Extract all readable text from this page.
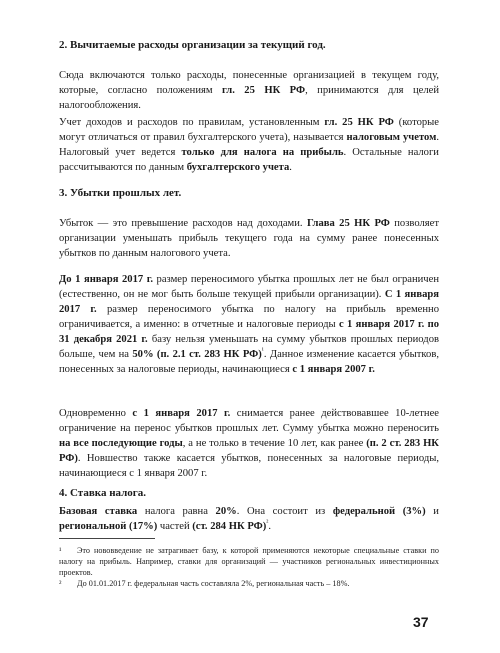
2. Вычитаемые расходы организации за текущий год.

Сюда включаются только расходы, понесенные организацией в текущем году, которые, согласно положениям гл. 25 НК РФ, принимаются для целей налогообложения.

Учет доходов и расходов по правилам, установленным гл. 25 НК РФ (которые могут отличаться от правил бухгалтерского учета), называется налоговым учетом. Налоговый учет ведется только для налога на прибыль. Остальные налоги рассчитываются по данным бухгалтерского учета.

3. Убытки прошлых лет.

Убыток — это превышение расходов над доходами. Глава 25 НК РФ позволяет организации уменьшать прибыль текущего года на сумму ранее понесенных убытков по данным налогового учета.

До 1 января 2017 г. размер переносимого убытка прошлых лет не был ограничен (естественно, он не мог быть больше текущей прибыли организации). С 1 января 2017 г. размер переносимого убытка по налогу на прибыль временно ограничивается, а именно: в отчетные и налоговые периоды с 1 января 2017 г. по 31 декабря 2021 г. базу нельзя уменьшать на сумму убытков прошлых периодов больше, чем на 50% (п. 2.1 ст. 283 НК РФ)$^{^1}$. Данное изменение касается убытков, понесенных за налоговые периоды, начинающиеся с 1 января 2007 г.

Одновременно с 1 января 2017 г. снимается ранее действовавшее 10-летнее ограничение на перенос убытков прошлых лет. Сумму убытка можно переносить на все последующие годы, а не только в течение 10 лет, как ранее (п. 2 ст. 283 НК РФ). Новшество также касается убытков, понесенных за налоговые периоды, начинающиеся с 1 января 2007 г.

4. Ставка налога.

Базовая ставка налога равна 20%. Она состоит из федеральной (3%) и региональной (17%) частей (ст. 284 НК РФ)$^{^2}$.

¹ Это нововведение не затрагивает базу, к которой применяются некоторые специальные ставки по налогу на прибыль. Например, ставки для организаций — участников региональных инвестиционных проектов.

² До 01.01.2017 г. федеральная часть составляла 2%, региональная часть – 18%.

37
